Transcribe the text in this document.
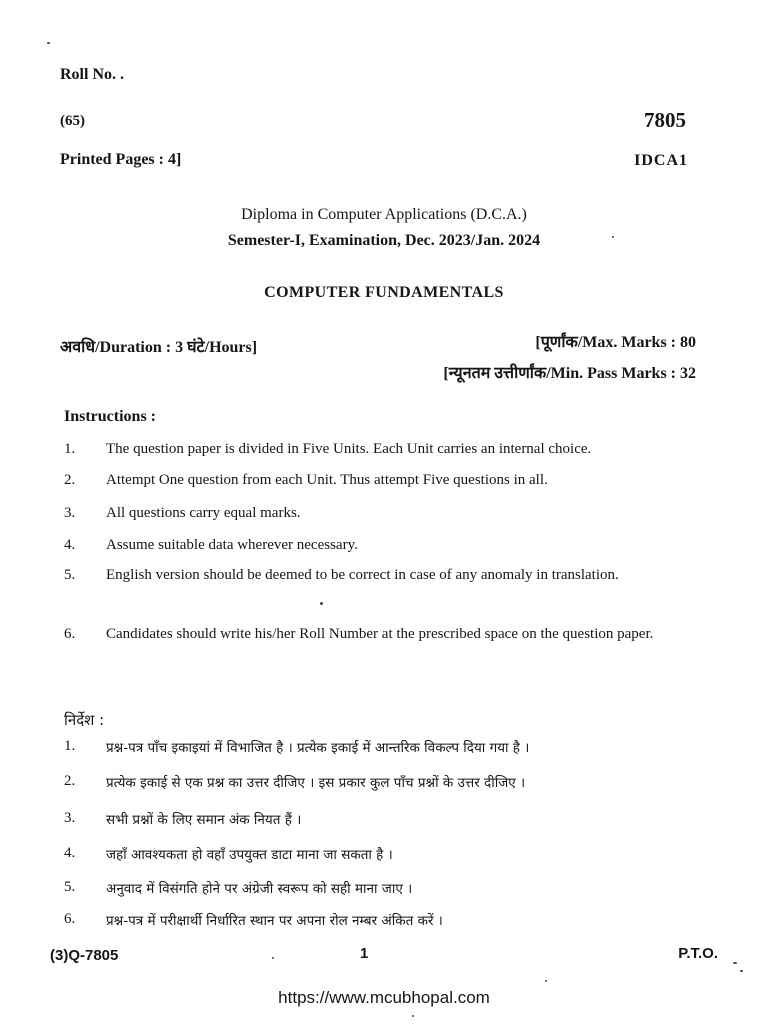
Roll No. .
(65)	7805
Printed Pages : 4]	IDCA1
Diploma in Computer Applications (D.C.A.)
Semester-I, Examination, Dec. 2023/Jan. 2024
COMPUTER FUNDAMENTALS
अवधि/Duration : 3 घंटे/Hours]	[पूर्णांक/Max. Marks : 80
[न्यूनतम उत्तीर्णांक/Min. Pass Marks : 32
Instructions :
1. The question paper is divided in Five Units. Each Unit carries an internal choice.
2. Attempt One question from each Unit. Thus attempt Five questions in all.
3. All questions carry equal marks.
4. Assume suitable data wherever necessary.
5. English version should be deemed to be correct in case of any anomaly in translation.
6. Candidates should write his/her Roll Number at the prescribed space on the question paper.
निर्देश :
1. प्रश्न-पत्र पाँच इकाइयां में विभाजित है । प्रत्येक इकाई में आन्तरिक विकल्प दिया गया है ।
2. प्रत्येक इकाई से एक प्रश्न का उत्तर दीजिए । इस प्रकार कुल पाँच प्रश्नों के उत्तर दीजिए ।
3. सभी प्रश्नों के लिए समान अंक नियत हैं ।
4. जहाँ आवश्यकता हो वहाँ उपयुक्त डाटा माना जा सकता है ।
5. अनुवाद में विसंगति होने पर अंग्रेजी स्वरूप को सही माना जाए ।
6. प्रश्न-पत्र में परीक्षार्थी निर्धारित स्थान पर अपना रोल नम्बर अंकित करें ।
(3)Q-7805	1	P.T.O.
https://www.mcubhopal.com
